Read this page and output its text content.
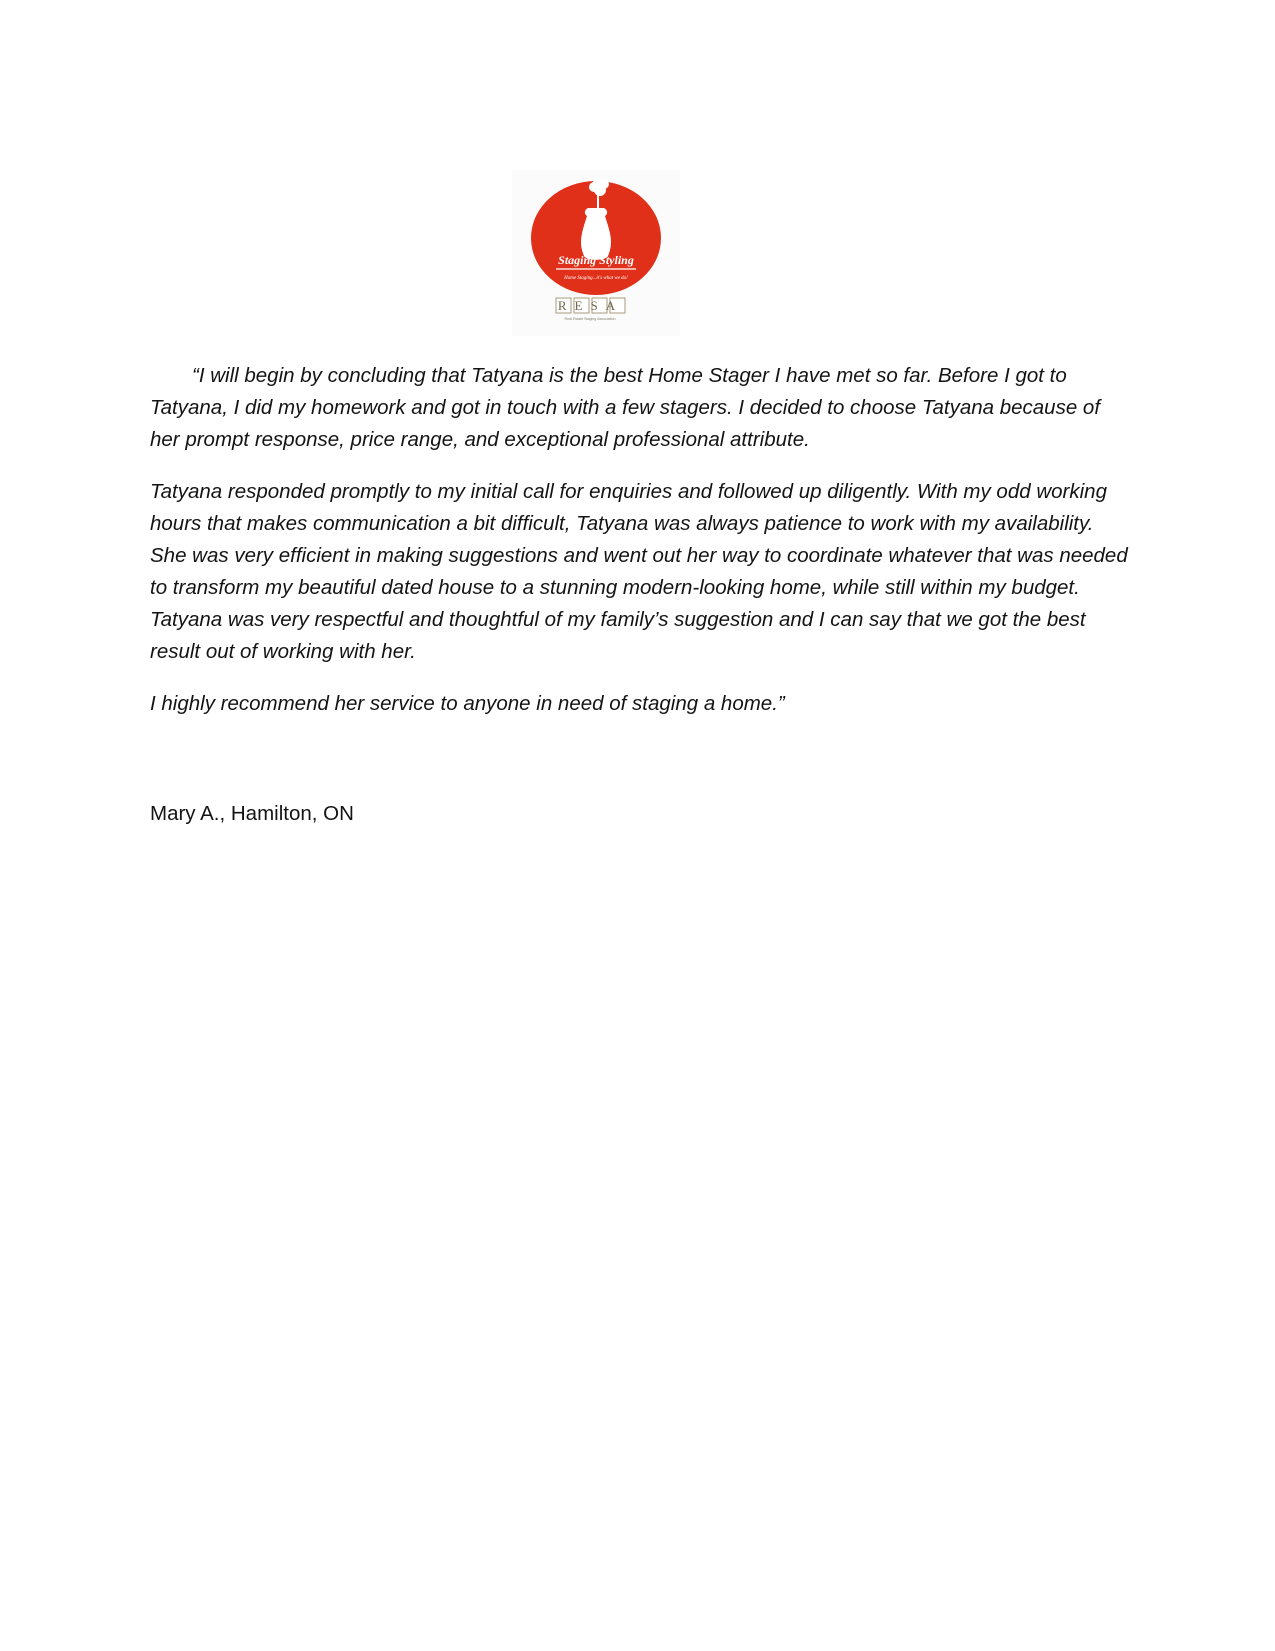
Staging Styling
Home Staging...it's what we do!
RESA
Real Estate Staging Association

“I will begin by concluding that Tatyana is the best Home Stager I have met so far. Before I got to Tatyana, I did my homework and got in touch with a few stagers. I decided to choose Tatyana because of her prompt response, price range, and exceptional professional attribute.

Tatyana responded promptly to my initial call for enquiries and followed up diligently. With my odd working hours that makes communication a bit difficult, Tatyana was always patience to work with my availability. She was very efficient in making suggestions and went out her way to coordinate whatever that was needed to transform my beautiful dated house to a stunning modern-looking home, while still within my budget. Tatyana was very respectful and thoughtful of my family’s suggestion and I can say that we got the best result out of working with her.

I highly recommend her service to anyone in need of staging a home.”

Mary A., Hamilton, ON
